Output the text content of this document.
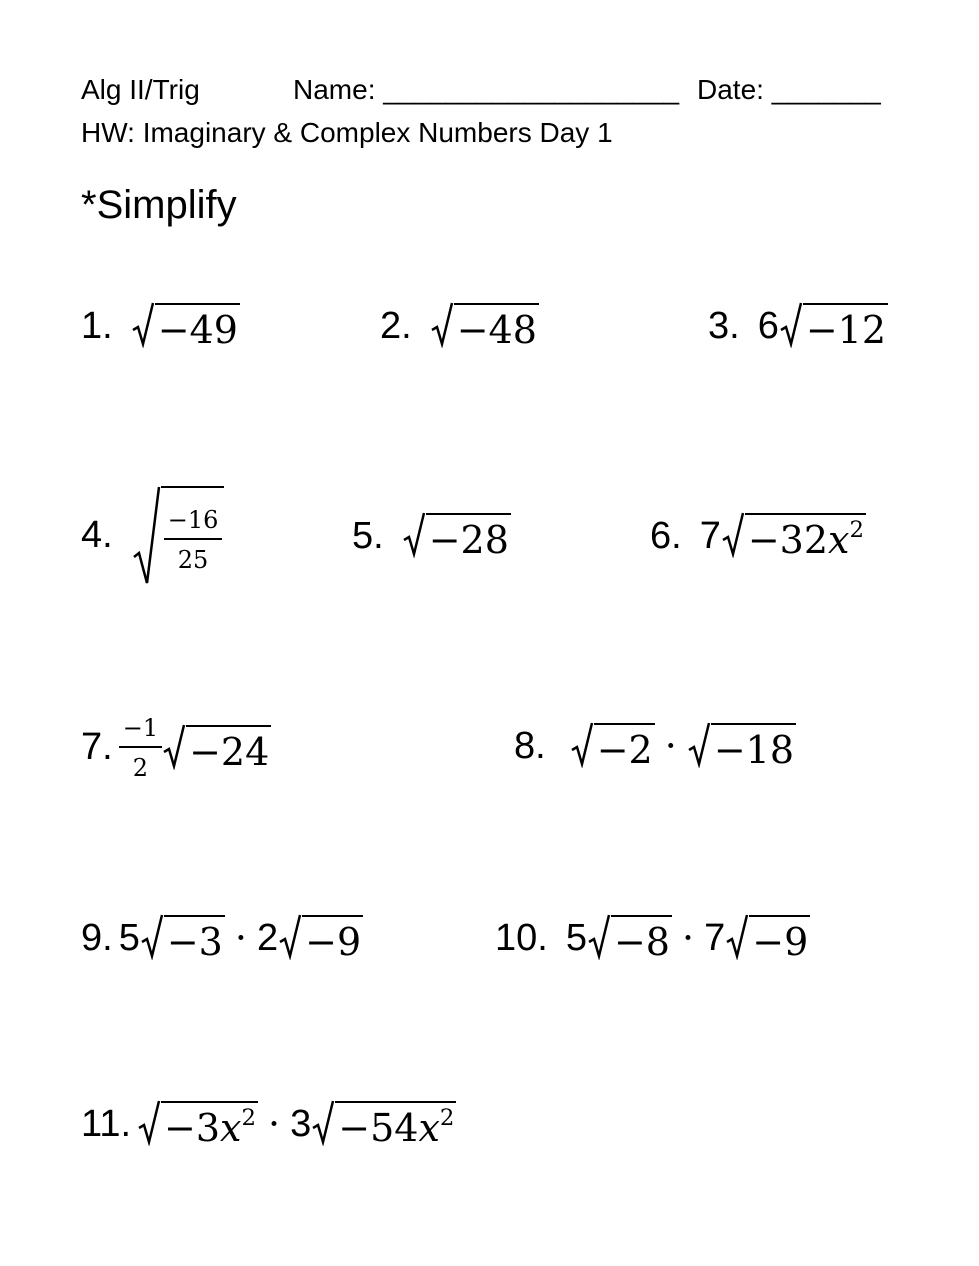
Alg II/Trig	Name: ___________________ Date: _______
HW: Imaginary & Complex Numbers Day 1
*Simplify
1. −49	2. −48	3. 6 −12
4. $\frac{-16}{25}$	5. −28	6. $7 -32x^2$
7. $\frac{-1}{2} -24$	8. −2 · −18
9. 5 −3 · 2 −9	10. 5 −8 · 7 −9
11. $-3x^2 \cdot 3 -54x^2$
